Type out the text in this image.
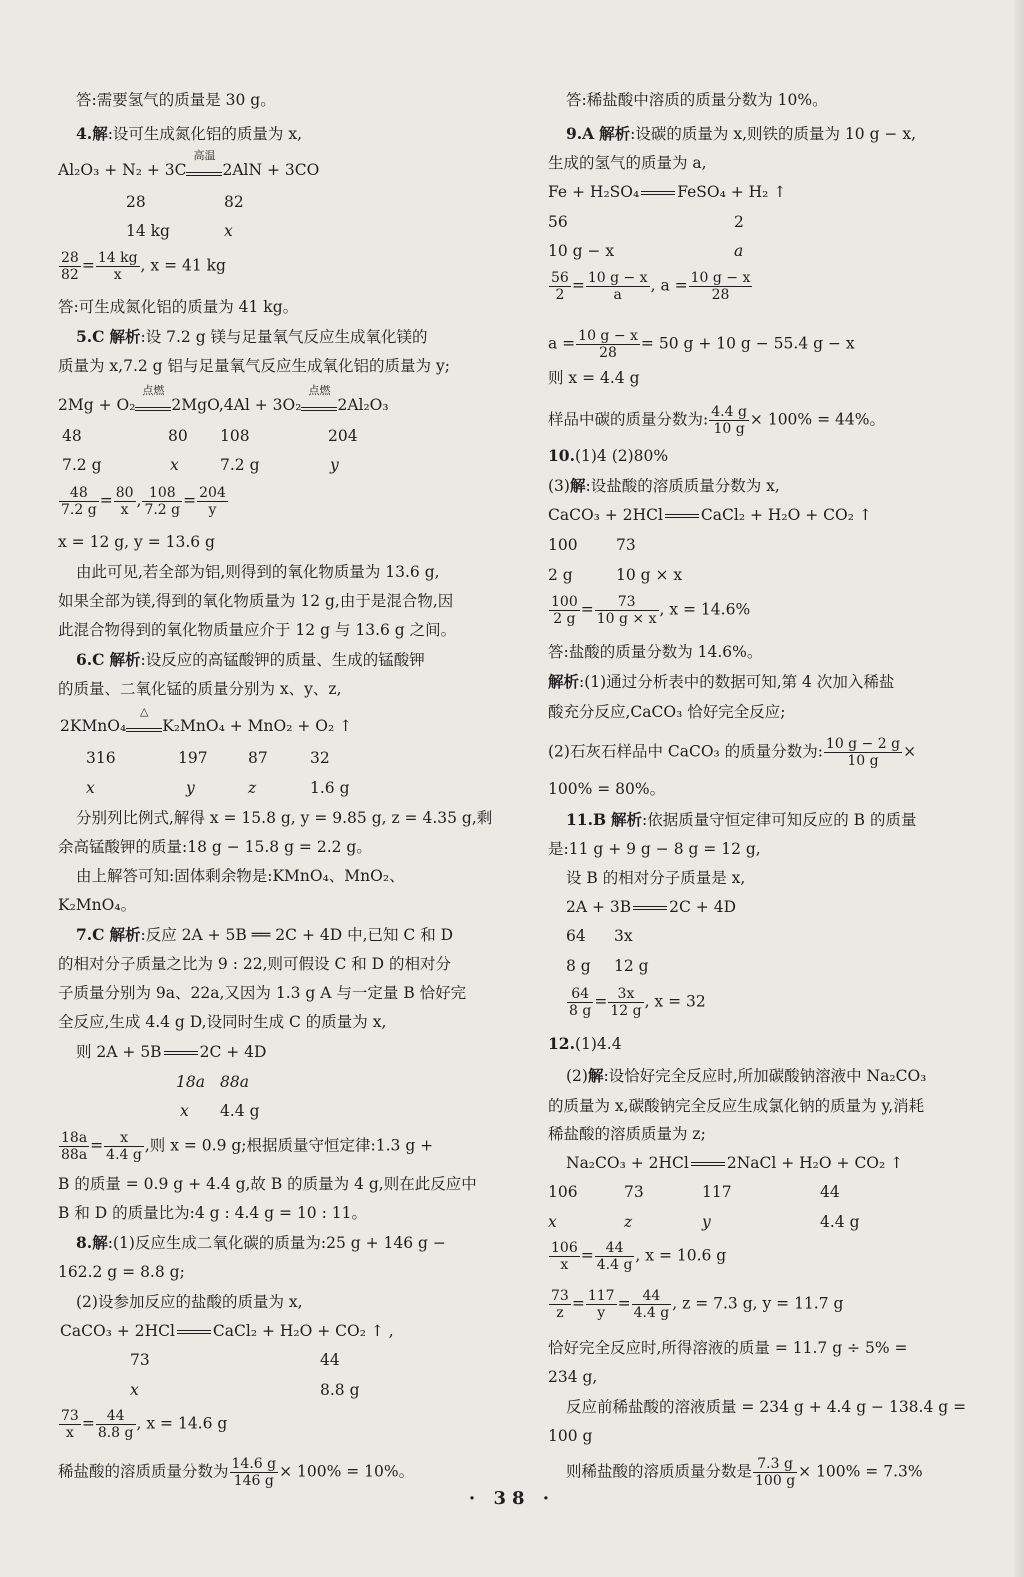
答:需要氢气的质量是 30 g。
4.解:设可生成氮化铝的质量为 x,
Al₂O₃ + N₂ + 3C
高温
2AlN + 3CO
28	82
14 kg	x
$\frac{28}{82} = \frac{14 kg}{x}$ , x = 41 kg
答:可生成氮化铝的质量为 41 kg。
5.C 解析:设 7.2 g 镁与足量氧气反应生成氧化镁的
质量为 x,7.2 g 铝与足量氧气反应生成氧化铝的质量为 y;
2Mg + O₂
点燃
2MgO,4Al + 3O₂
点燃
2Al₂O₃
48	80 108	204
7.2 g	x	7.2 g	y
$\frac{48}{7.2 g} = \frac{80}{x}$ , $\frac{108}{7.2 g} = \frac{204}{y}$
x = 12 g, y = 13.6 g
由此可见,若全部为铝,则得到的氧化物质量为 13.6 g,
如果全部为镁,得到的氧化物质量为 12 g,由于是混合物,因
此混合物得到的氧化物质量应介于 12 g 与 13.6 g 之间。
6.C 解析:设反应的高锰酸钾的质量、生成的锰酸钾
的质量、二氧化锰的质量分别为 x、y、z,
2KMnO₄
△
K₂MnO₄ + MnO₂ + O₂ ↑
316	197	87	32
x	y	z	1.6 g
分别列比例式,解得 x = 15.8 g, y = 9.85 g, z = 4.35 g,剩
余高锰酸钾的质量:18 g − 15.8 g = 2.2 g。
由上解答可知:固体剩余物是:KMnO₄、MnO₂、
K₂MnO₄。
7.C 解析:反应 2A + 5B ══ 2C + 4D 中,已知 C 和 D
的相对分子质量之比为 9 : 22,则可假设 C 和 D 的相对分
子质量分别为 9a、22a,又因为 1.3 g A 与一定量 B 恰好完
全反应,生成 4.4 g D,设同时生成 C 的质量为 x,
则 2A + 5B 2C + 4D
18a 88a
x 4.4 g
$\frac{18a}{88a} = \frac{x}{4.4 g}$ ,则 x = 0.9 g;根据质量守恒定律:1.3 g +
B 的质量 = 0.9 g + 4.4 g,故 B 的质量为 4 g,则在此反应中
B 和 D 的质量比为:4 g : 4.4 g = 10 : 11。
8.解:(1)反应生成二氧化碳的质量为:25 g + 146 g −
162.2 g = 8.8 g;
(2)设参加反应的盐酸的质量为 x,
CaCO₃ + 2HCl CaCl₂ + H₂O + CO₂ ↑ ,
73	44
x	8.8 g
$\frac{73}{x} = \frac{44}{8.8 g}$ , x = 14.6 g
稀盐酸的溶质质量分数为 $\frac{14.6 g}{146 g} \times 100\% = 10\%$。
答:稀盐酸中溶质的质量分数为 10%。
9.A 解析:设碳的质量为 x,则铁的质量为 10 g − x,
生成的氢气的质量为 a,
Fe + H₂SO₄ FeSO₄ + H₂ ↑
56	2
10 g − x	a
$\frac{56}{2} = \frac{10 g - x}{a}$ , $a = \frac{10 g - x}{28}$
$a = \frac{10 g - x}{28} = 50$ g + 10 g − 55.4 g − x
则 x = 4.4 g
样品中碳的质量分数为: $\frac{4.4 g}{10 g} \times 100\% = 44\%$。
10.(1)4 (2)80%
(3)解:设盐酸的溶质质量分数为 x,
CaCO₃ + 2HCl CaCl₂ + H₂O + CO₂ ↑
100 73
2 g	10 g × x
$\frac{100}{2 g} = \frac{73}{10 g \times x}$ , x = 14.6%
答:盐酸的质量分数为 14.6%。
解析:(1)通过分析表中的数据可知,第 4 次加入稀盐
酸充分反应,CaCO₃ 恰好完全反应;
(2)石灰石样品中 CaCO₃ 的质量分数为: $\frac{10 g - 2 g}{10 g}$ ×
100% = 80%。
11.B 解析:依据质量守恒定律可知反应的 B 的质量
是:11 g + 9 g − 8 g = 12 g,
设 B 的相对分子质量是 x,
2A + 3B 2C + 4D
64 3x
8 g 12 g
$\frac{64}{8 g} = \frac{3x}{12 g}$ , x = 32
12.(1)4.4
(2)解:设恰好完全反应时,所加碳酸钠溶液中 Na₂CO₃
的质量为 x,碳酸钠完全反应生成氯化钠的质量为 y,消耗
稀盐酸的溶质质量为 z;
Na₂CO₃ + 2HCl 2NaCl + H₂O + CO₂ ↑
106	73	117	44
x	z	y	4.4 g
$\frac{106}{x} = \frac{44}{4.4 g}$ , x = 10.6 g
$\frac{73}{z} = \frac{117}{y} = \frac{44}{4.4 g}$ , z = 7.3 g, y = 11.7 g
恰好完全反应时,所得溶液的质量 = 11.7 g ÷ 5% =
234 g,
反应前稀盐酸的溶液质量 = 234 g + 4.4 g − 138.4 g =
100 g
则稀盐酸的溶质质量分数是 $\frac{7.3 g}{100 g} \times 100\% = 7.3\%$
· 38 ·
